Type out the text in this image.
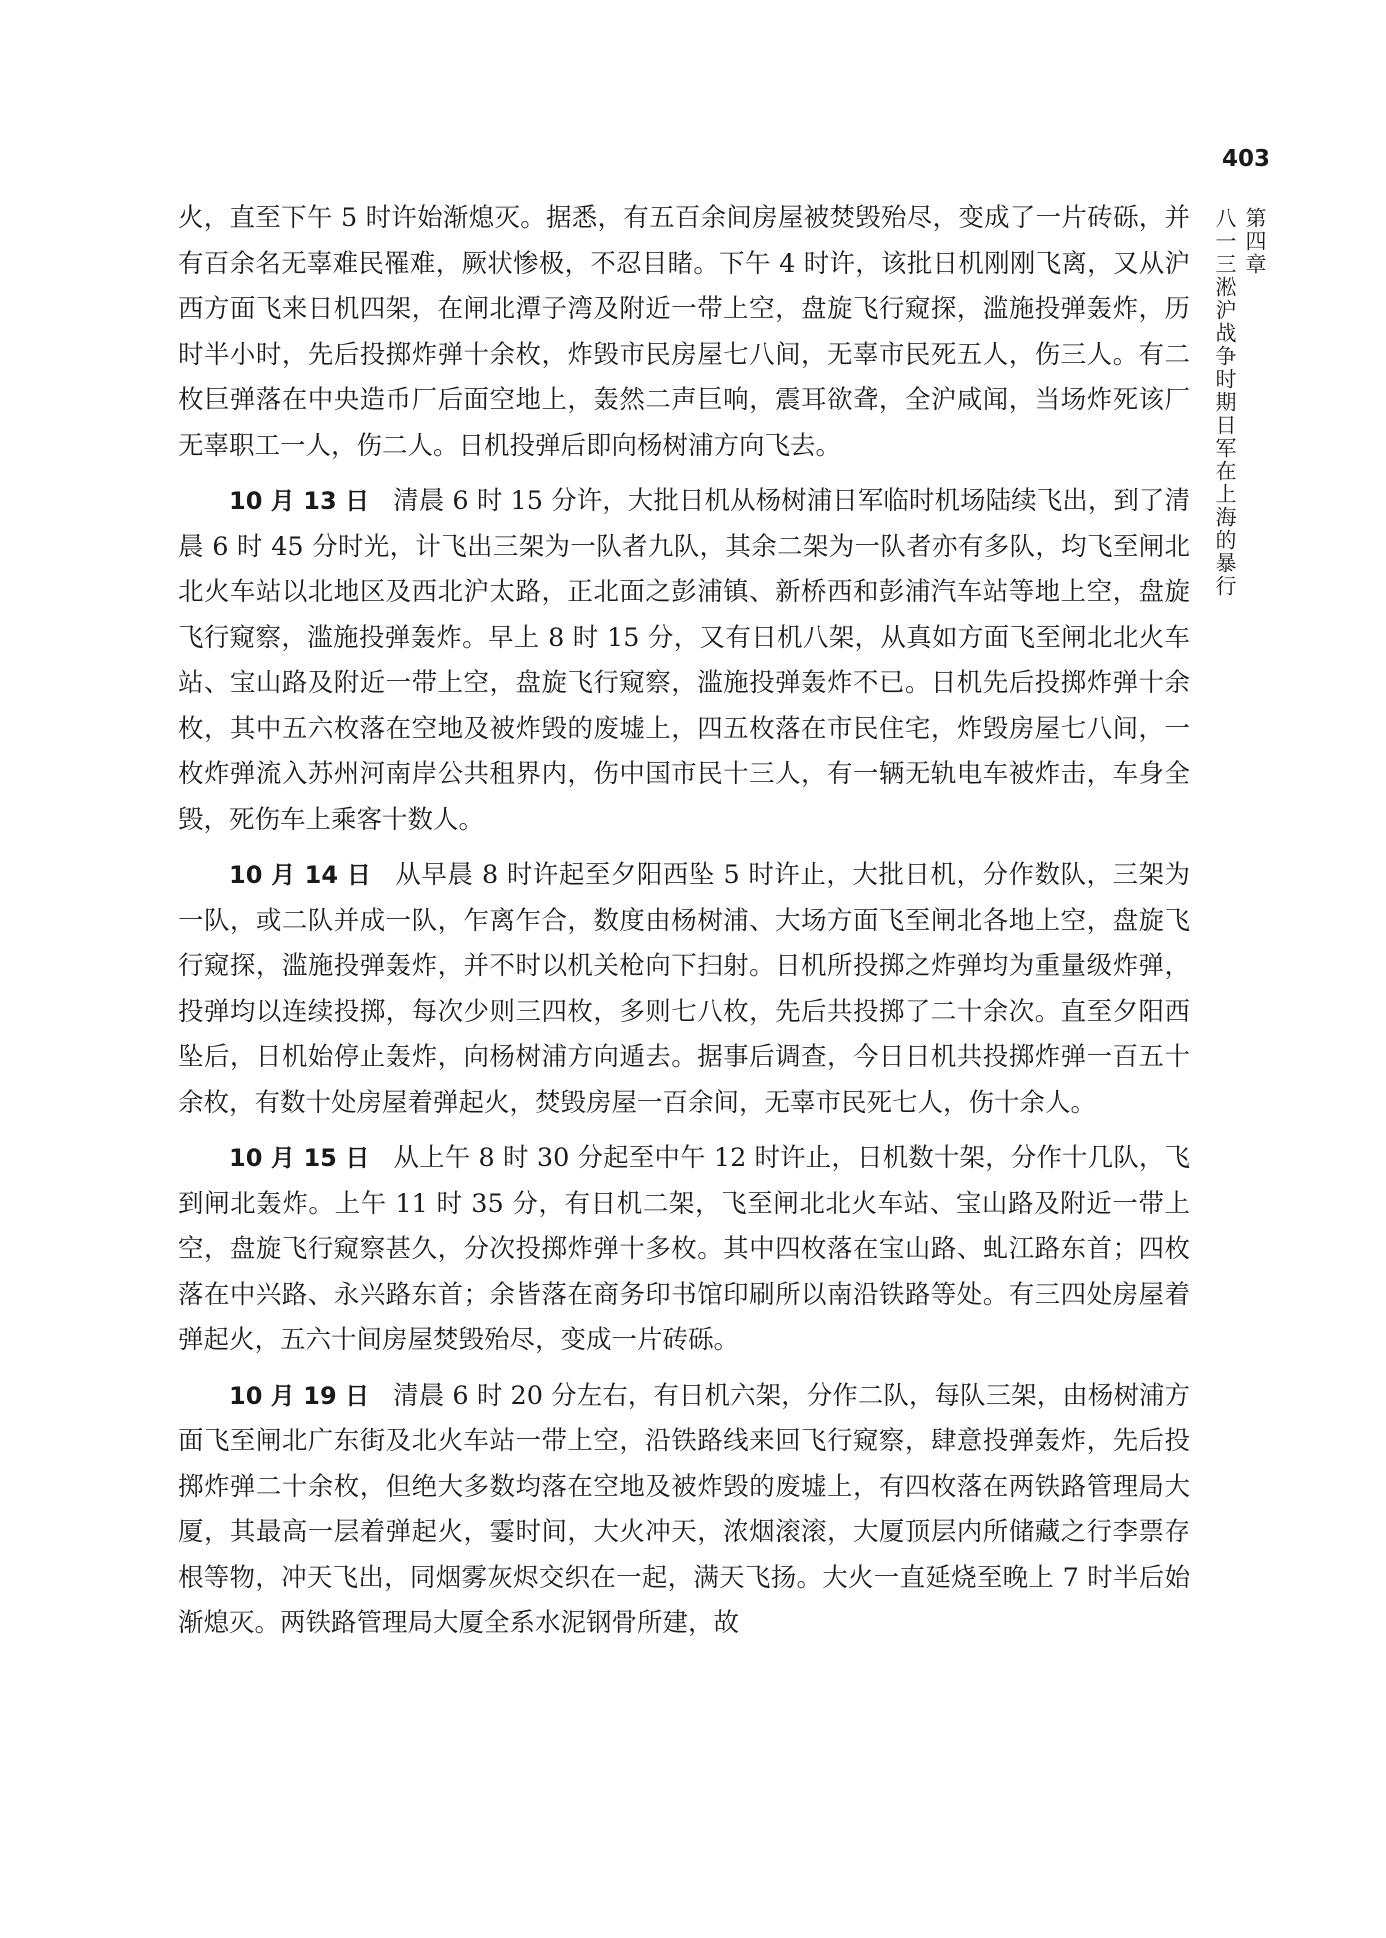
403
第四章
八一三淞沪战争时期日军在上海的暴行

火，直至下午 5 时许始渐熄灭。据悉，有五百余间房屋被焚毁殆尽，变成了一片砖砾，并有百余名无辜难民罹难，厥状惨极，不忍目睹。下午 4 时许，该批日机刚刚飞离，又从沪西方面飞来日机四架，在闸北潭子湾及附近一带上空，盘旋飞行窥探，滥施投弹轰炸，历时半小时，先后投掷炸弹十余枚，炸毁市民房屋七八间，无辜市民死五人，伤三人。有二枚巨弹落在中央造币厂后面空地上，轰然二声巨响，震耳欲聋，全沪咸闻，当场炸死该厂无辜职工一人，伤二人。日机投弹后即向杨树浦方向飞去。

10 月 13 日 清晨 6 时 15 分许，大批日机从杨树浦日军临时机场陆续飞出，到了清晨 6 时 45 分时光，计飞出三架为一队者九队，其余二架为一队者亦有多队，均飞至闸北北火车站以北地区及西北沪太路，正北面之彭浦镇、新桥西和彭浦汽车站等地上空，盘旋飞行窥察，滥施投弹轰炸。早上 8 时 15 分，又有日机八架，从真如方面飞至闸北北火车站、宝山路及附近一带上空，盘旋飞行窥察，滥施投弹轰炸不已。日机先后投掷炸弹十余枚，其中五六枚落在空地及被炸毁的废墟上，四五枚落在市民住宅，炸毁房屋七八间，一枚炸弹流入苏州河南岸公共租界内，伤中国市民十三人，有一辆无轨电车被炸击，车身全毁，死伤车上乘客十数人。

10 月 14 日 从早晨 8 时许起至夕阳西坠 5 时许止，大批日机，分作数队，三架为一队，或二队并成一队，乍离乍合，数度由杨树浦、大场方面飞至闸北各地上空，盘旋飞行窥探，滥施投弹轰炸，并不时以机关枪向下扫射。日机所投掷之炸弹均为重量级炸弹，投弹均以连续投掷，每次少则三四枚，多则七八枚，先后共投掷了二十余次。直至夕阳西坠后，日机始停止轰炸，向杨树浦方向遁去。据事后调查，今日日机共投掷炸弹一百五十余枚，有数十处房屋着弹起火，焚毁房屋一百余间，无辜市民死七人，伤十余人。

10 月 15 日 从上午 8 时 30 分起至中午 12 时许止，日机数十架，分作十几队，飞到闸北轰炸。上午 11 时 35 分，有日机二架，飞至闸北北火车站、宝山路及附近一带上空，盘旋飞行窥察甚久，分次投掷炸弹十多枚。其中四枚落在宝山路、虬江路东首；四枚落在中兴路、永兴路东首；余皆落在商务印书馆印刷所以南沿铁路等处。有三四处房屋着弹起火，五六十间房屋焚毁殆尽，变成一片砖砾。

10 月 19 日 清晨 6 时 20 分左右，有日机六架，分作二队，每队三架，由杨树浦方面飞至闸北广东街及北火车站一带上空，沿铁路线来回飞行窥察，肆意投弹轰炸，先后投掷炸弹二十余枚，但绝大多数均落在空地及被炸毁的废墟上，有四枚落在两铁路管理局大厦，其最高一层着弹起火，霎时间，大火冲天，浓烟滚滚，大厦顶层内所储藏之行李票存根等物，冲天飞出，同烟雾灰烬交织在一起，满天飞扬。大火一直延烧至晚上 7 时半后始渐熄灭。两铁路管理局大厦全系水泥钢骨所建，故
